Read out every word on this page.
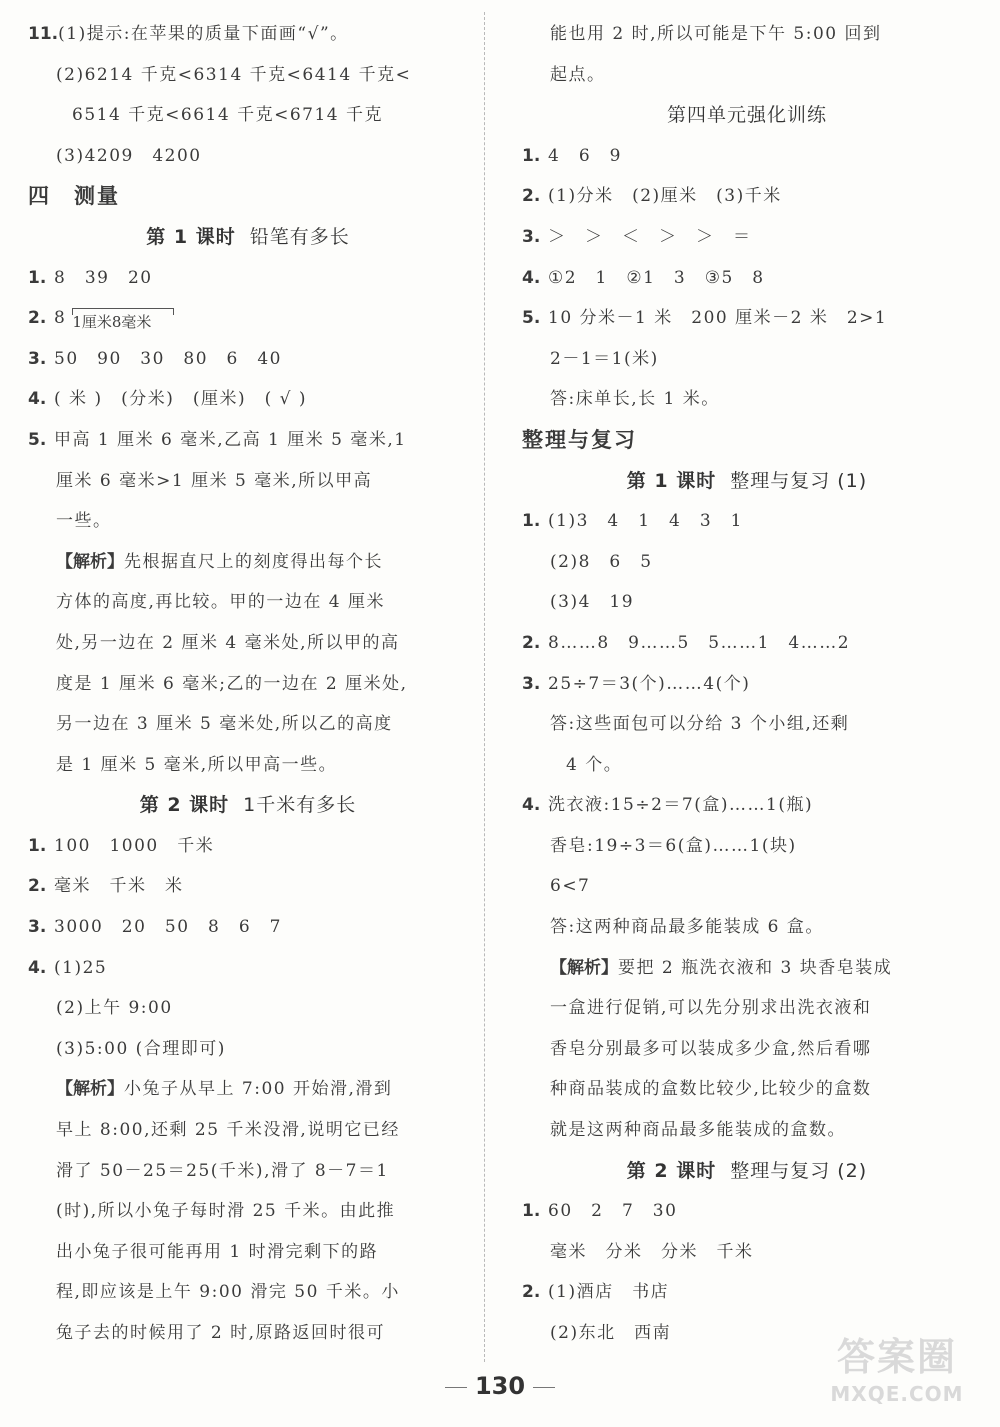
11.(1)提示:在苹果的质量下面画“√”。
(2)6214 千克<6314 千克<6414 千克<
6514 千克<6614 千克<6714 千克
(3)4209　4200
四　测量
第 1 课时 铅笔有多长
1. 8　39　20
2. 8 1厘米8毫米
3. 50　90　30　80　6　40
4. ( 米 )　(分米)　(厘米)　( √ )
5. 甲高 1 厘米 6 毫米,乙高 1 厘米 5 毫米,1
厘米 6 毫米>1 厘米 5 毫米,所以甲高
一些。
【解析】先根据直尺上的刻度得出每个长
方体的高度,再比较。甲的一边在 4 厘米
处,另一边在 2 厘米 4 毫米处,所以甲的高
度是 1 厘米 6 毫米;乙的一边在 2 厘米处,
另一边在 3 厘米 5 毫米处,所以乙的高度
是 1 厘米 5 毫米,所以甲高一些。
第 2 课时 1千米有多长
1. 100　1000　千米
2. 毫米　千米　米
3. 3000　20　50　8　6　7
4. (1)25
(2)上午 9:00
(3)5:00 (合理即可)
【解析】小兔子从早上 7:00 开始滑,滑到
早上 8:00,还剩 25 千米没滑,说明它已经
滑了 50－25＝25(千米),滑了 8－7＝1
(时),所以小兔子每时滑 25 千米。由此推
出小兔子很可能再用 1 时滑完剩下的路
程,即应该是上午 9:00 滑完 50 千米。小
兔子去的时候用了 2 时,原路返回时很可
能也用 2 时,所以可能是下午 5:00 回到
起点。
第四单元强化训练
1. 4　6　9
2. (1)分米　(2)厘米　(3)千米
3. ＞　＞　＜　＞　＞　＝
4. ①2　1　②1　3　③5　8
5. 10 分米－1 米　200 厘米－2 米　2>1
2－1＝1(米)
答:床单长,长 1 米。
整理与复习
第 1 课时 整理与复习 (1)
1. (1)3　4　1　4　3　1
(2)8　6　5
(3)4　19
2. 8……8　9……5　5……1　4……2
3. 25÷7＝3(个)……4(个)
答:这些面包可以分给 3 个小组,还剩
4 个。
4. 洗衣液:15÷2＝7(盒)……1(瓶)
香皂:19÷3＝6(盒)……1(块)
6<7
答:这两种商品最多能装成 6 盒。
【解析】要把 2 瓶洗衣液和 3 块香皂装成
一盒进行促销,可以先分别求出洗衣液和
香皂分别最多可以装成多少盒,然后看哪
种商品装成的盒数比较少,比较少的盒数
就是这两种商品最多能装成的盒数。
第 2 课时 整理与复习 (2)
1. 60　2　7　30
毫米　分米　分米　千米
2. (1)酒店　书店
(2)东北　西南
130
答案圈
MXQE.COM
